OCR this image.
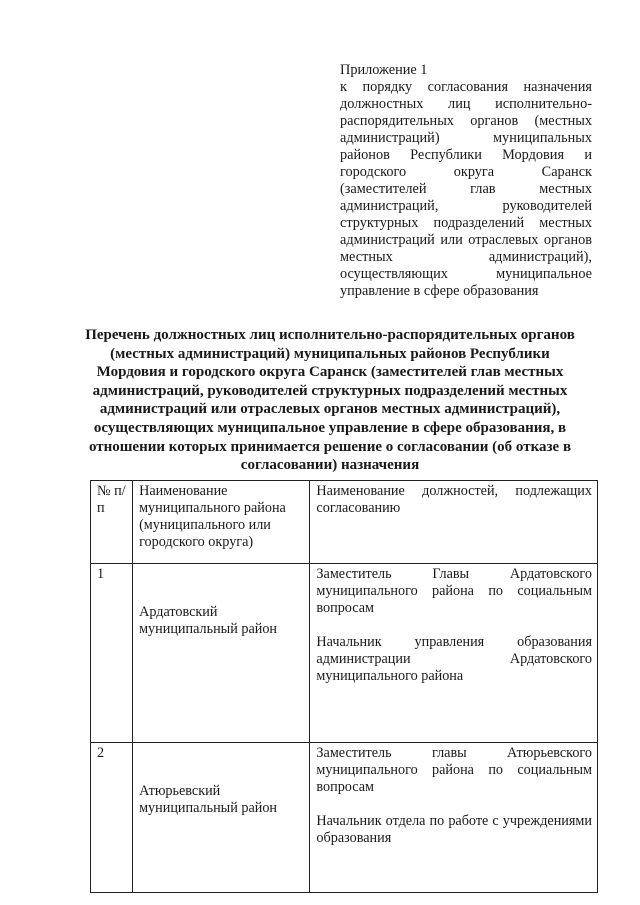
Приложение 1
к порядку согласования назначения должностных лиц исполнительно-распорядительных органов (местных администраций) муниципальных районов Республики Мордовия и городского округа Саранск (заместителей глав местных администраций, руководителей структурных подразделений местных администраций или отраслевых органов местных администраций), осуществляющих муниципальное управление в сфере образования
Перечень должностных лиц исполнительно-распорядительных органов (местных администраций) муниципальных районов Республики Мордовия и городского округа Саранск (заместителей глав местных администраций, руководителей структурных подразделений местных администраций или отраслевых органов местных администраций), осуществляющих муниципальное управление в сфере образования, в отношении которых принимается решение о согласовании (об отказе в согласовании) назначения
№ п/п	Наименование муниципального района (муниципального или городского округа)	Наименование должностей, подлежащих согласованию
1	Ардатовский муниципальный район	Заместитель Главы Ардатовского муниципального района по социальным вопросам
Начальник управления образования администрации Ардатовского муниципального района

2	Атюрьевский муниципальный район	Заместитель главы Атюрьевского муниципального района по социальным вопросам
Начальник отдела по работе с учреждениями образования
